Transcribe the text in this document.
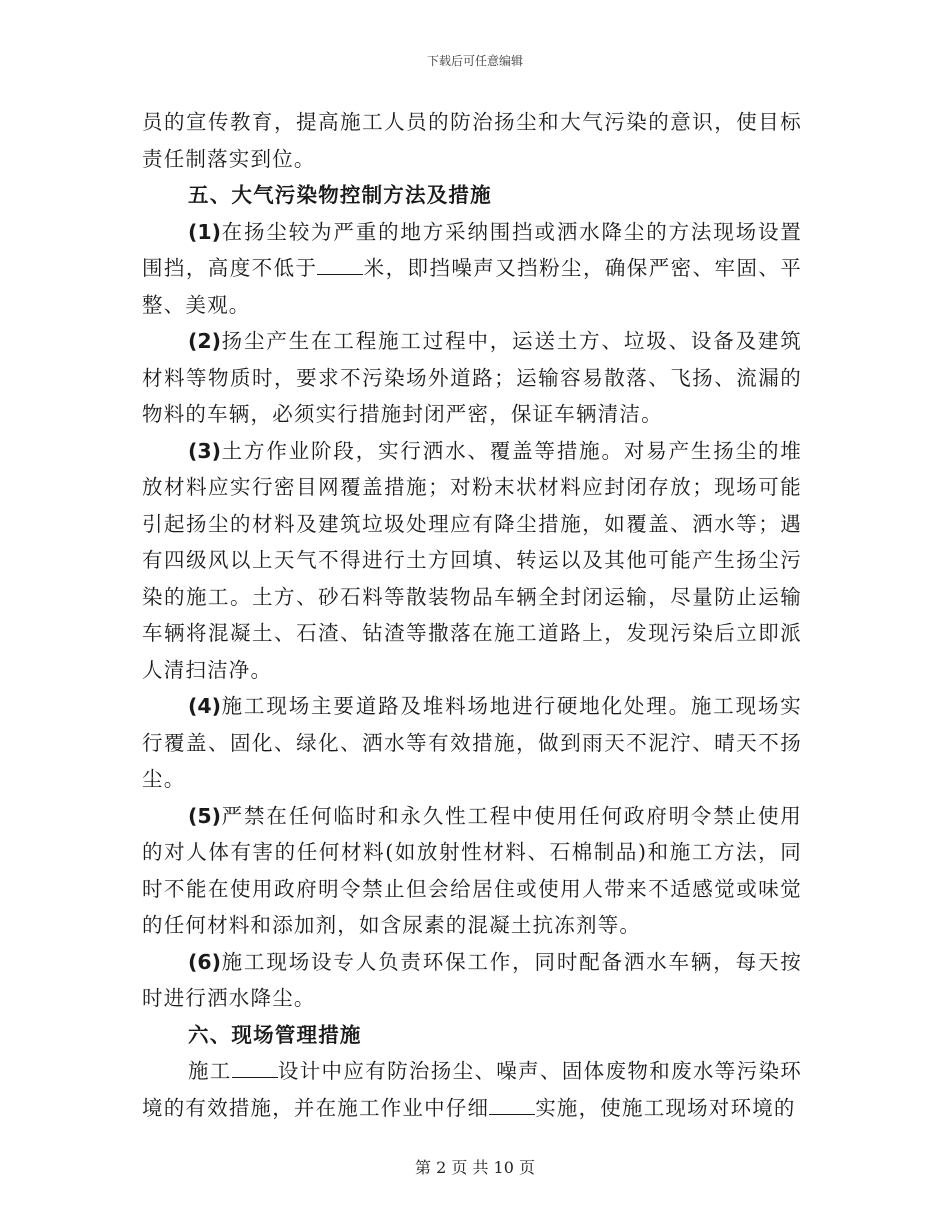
下载后可任意编辑

员的宣传教育，提高施工人员的防治扬尘和大气污染的意识，使目标责任制落实到位。

五、大气污染物控制方法及措施

(1)在扬尘较为严重的地方采纳围挡或洒水降尘的方法现场设置围挡，高度不低于 米，即挡噪声又挡粉尘，确保严密、牢固、平整、美观。

(2)扬尘产生在工程施工过程中，运送土方、垃圾、设备及建筑材料等物质时，要求不污染场外道路；运输容易散落、飞扬、流漏的物料的车辆，必须实行措施封闭严密，保证车辆清洁。

(3)土方作业阶段，实行洒水、覆盖等措施。对易产生扬尘的堆放材料应实行密目网覆盖措施；对粉末状材料应封闭存放；现场可能引起扬尘的材料及建筑垃圾处理应有降尘措施，如覆盖、洒水等；遇有四级风以上天气不得进行土方回填、转运以及其他可能产生扬尘污染的施工。土方、砂石料等散装物品车辆全封闭运输，尽量防止运输车辆将混凝土、石渣、钻渣等撒落在施工道路上，发现污染后立即派人清扫洁净。

(4)施工现场主要道路及堆料场地进行硬地化处理。施工现场实行覆盖、固化、绿化、洒水等有效措施，做到雨天不泥泞、晴天不扬尘。

(5)严禁在任何临时和永久性工程中使用任何政府明令禁止使用的对人体有害的任何材料(如放射性材料、石棉制品)和施工方法，同时不能在使用政府明令禁止但会给居住或使用人带来不适感觉或味觉的任何材料和添加剂，如含尿素的混凝土抗冻剂等。

(6)施工现场设专人负责环保工作，同时配备洒水车辆，每天按时进行洒水降尘。

六、现场管理措施

施工 设计中应有防治扬尘、噪声、固体废物和废水等污染环境的有效措施，并在施工作业中仔细 实施，使施工现场对环境的

第 2 页 共 10 页
